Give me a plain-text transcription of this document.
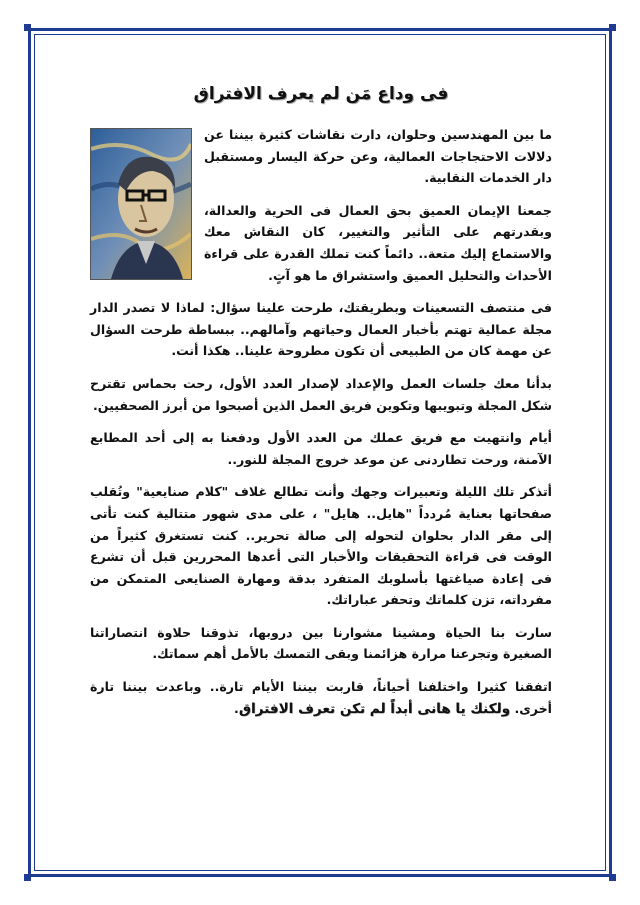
فى وداع مَن لم يعرف الافتراق

ما بين المهندسين وحلوان، دارت نقاشات كثيرة بيننا عن دلالات الاحتجاجات العمالية، وعن حركة اليسار ومستقبل دار الخدمات النقابية.

جمعنا الإيمان العميق بحق العمال فى الحرية والعدالة، وبقدرتهم على التأثير والتغيير، كان النقاش معك والاستماع إليك متعة.. دائماً كنت تملك القدرة على قراءة الأحداث والتحليل العميق واستشراق ما هو آتٍ.

فى منتصف التسعينات وبطريقتك، طرحت علينا سؤال: لماذا لا تصدر الدار مجلة عمالية تهتم بأخبار العمال وحياتهم وآمالهم.. ببساطة طرحت السؤال عن مهمة كان من الطبيعى أن تكون مطروحة علينا.. هكذا أنت.

بدأنا معك جلسات العمل والإعداد لإصدار العدد الأول، رحت بحماس تقترح شكل المجلة وتبويبها وتكوين فريق العمل الذين أصبحوا من أبرز الصحفيين.

أيام وانتهيت مع فريق عملك من العدد الأول ودفعنا به إلى أحد المطابع الآمنة، ورحت تطاردنى عن موعد خروج المجلة للنور..

أتذكر تلك الليلة وتعبيرات وجهك وأنت تطالع غلاف "كلام صنايعية" وتُقلب صفحاتها بعناية مُردداً "هايل.. هايل" ، على مدى شهور متتالية كنت تأتى إلى مقر الدار بحلوان لتحوله إلى صالة تحرير.. كنت تستغرق كثيراً من الوقت فى قراءة التحقيقات والأخبار التى أعدها المحررين قبل أن تشرع فى إعادة صياغتها بأسلوبك المتفرد بدقة ومهارة الصنايعى المتمكن من مفرداته، تزن كلماتك وتحفر عباراتك.

سارت بنا الحياة ومشينا مشوارنا بين دروبها، تذوقنا حلاوة انتصاراتنا الصغيرة وتجرعنا مرارة هزائمنا وبقى التمسك بالأمل أهم سماتك.

اتفقنا كثيرا واختلفنا أحياناً، قاربت بيننا الأيام تارة.. وباعدت بيننا تارة أخرى. ولكنك يا هانى أبداً لم تكن تعرف الافتراق.
